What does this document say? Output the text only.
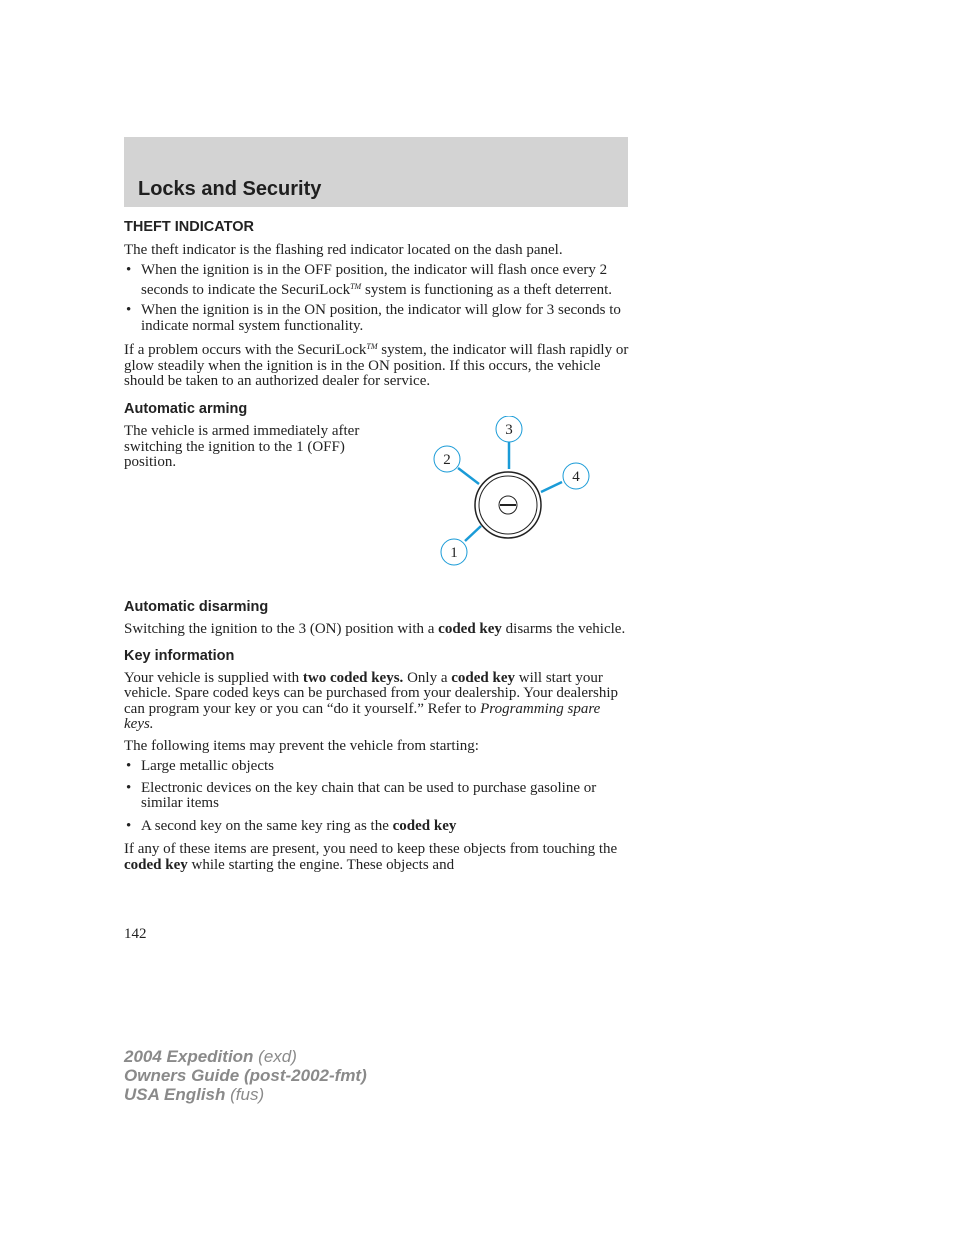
Locks and Security
THEFT INDICATOR

The theft indicator is the flashing red indicator located on the dash panel.

• When the ignition is in the OFF position, the indicator will flash once every 2 seconds to indicate the SecuriLock™ system is functioning as a theft deterrent.
• When the ignition is in the ON position, the indicator will glow for 3 seconds to indicate normal system functionality.

If a problem occurs with the SecuriLock™ system, the indicator will flash rapidly or glow steadily when the ignition is in the ON position. If this occurs, the vehicle should be taken to an authorized dealer for service.

Automatic arming

The vehicle is armed immediately after switching the ignition to the 1 (OFF) position.

1
2
3
4
Automatic disarming

Switching the ignition to the 3 (ON) position with a coded key disarms the vehicle.

Key information

Your vehicle is supplied with two coded keys. Only a coded key will start your vehicle. Spare coded keys can be purchased from your dealership. Your dealership can program your key or you can “do it yourself.” Refer to Programming spare keys.

The following items may prevent the vehicle from starting:

• Large metallic objects
• Electronic devices on the key chain that can be used to purchase gasoline or similar items
• A second key on the same key ring as the coded key

If any of these items are present, you need to keep these objects from touching the coded key while starting the engine. These objects and

142
2004 Expedition (exd)
Owners Guide (post-2002-fmt)
USA English (fus)
